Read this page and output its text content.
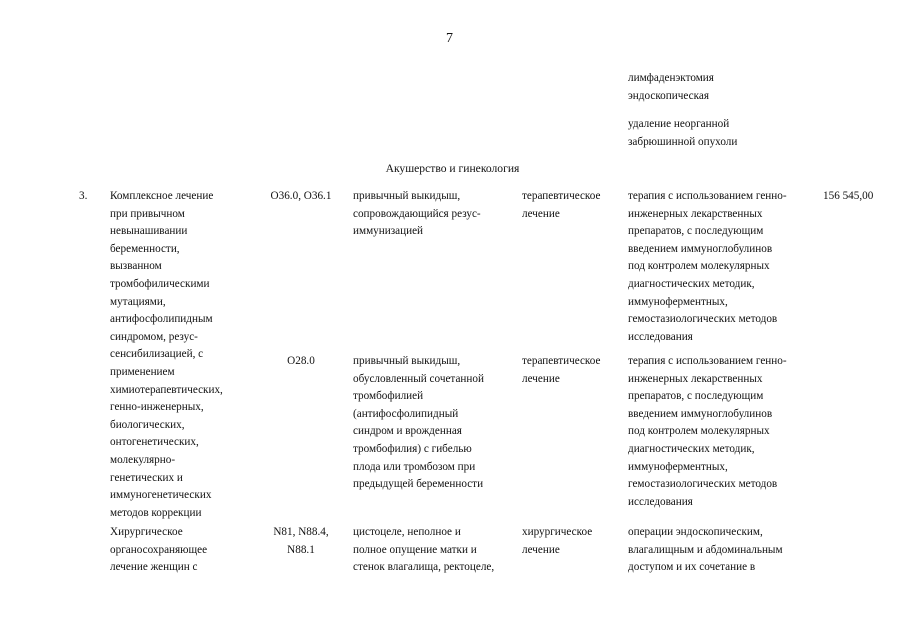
7
лимфаденэктомия
эндоскопическая
удаление неорганной
забрюшинной опухоли
Акушерство и гинекология
3. Комплексное лечение
при привычном
невынашивании
беременности,
вызванном
тромбофилическими
мутациями,
антифосфолипидным
синдромом, резус-
сенсибилизацией, с
применением
химиотерапевтических,
генно-инженерных,
биологических,
онтогенетических,
молекулярно-
генетических и
иммуногенетических
методов коррекции
156 545,00
O36.0, O36.1	привычный выкидыш,
сопровождающийся резус-
иммунизацией
терапевтическое
лечение
терапия с использованием генно-
инженерных лекарственных
препаратов, с последующим
введением иммуноглобулинов
под контролем молекулярных
диагностических методик,
иммуноферментных,
гемостазиологических методов
исследования
O28.0	привычный выкидыш,
обусловленный сочетанной
тромбофилией
(антифосфолипидный
синдром и врожденная
тромбофилия) с гибелью
плода или тромбозом при
предыдущей беременности
терапевтическое
лечение
терапия с использованием генно-
инженерных лекарственных
препаратов, с последующим
введением иммуноглобулинов
под контролем молекулярных
диагностических методик,
иммуноферментных,
гемостазиологических методов
исследования
Хирургическое
органосохраняющее
лечение женщин с
N81, N88.4,
N88.1
цистоцеле, неполное и
полное опущение матки и
стенок влагалища, ректоцеле,
хирургическое
лечение
операции эндоскопическим,
влагалищным и абдоминальным
доступом и их сочетание в
